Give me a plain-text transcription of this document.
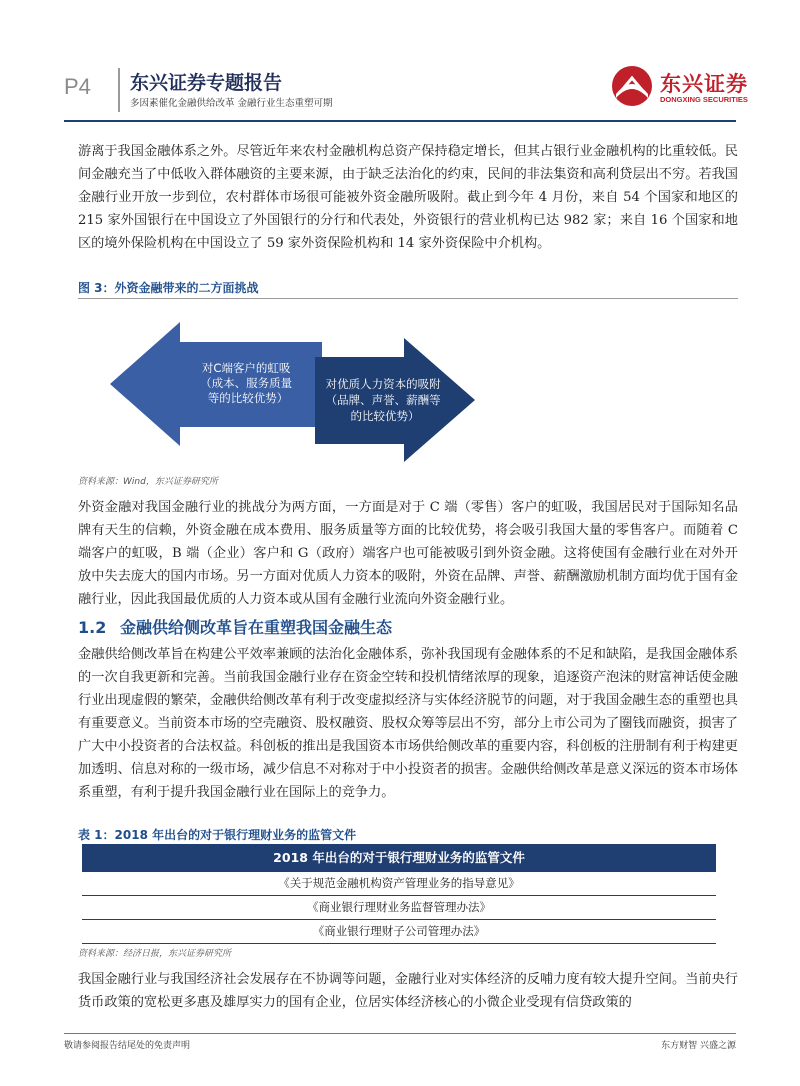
P4 东兴证券专题报告
多因素催化金融供给改革 金融行业生态重塑可期
东兴证券
DONGXING SECURITIES

游离于我国金融体系之外。尽管近年来农村金融机构总资产保持稳定增长，但其占银行业金融机构的比重较低。民间金融充当了中低收入群体融资的主要来源，由于缺乏法治化的约束，民间的非法集资和高利贷层出不穷。若我国金融行业开放一步到位，农村群体市场很可能被外资金融所吸附。截止到今年 4 月份，来自 54 个国家和地区的 215 家外国银行在中国设立了外国银行的分行和代表处，外资银行的营业机构已达 982 家；来自 16 个国家和地区的境外保险机构在中国设立了 59 家外资保险机构和 14 家外资保险中介机构。

图 3：外资金融带来的二方面挑战
对C端客户的虹吸 （成本、服务质量 等的比较优势）
对优质人力资本的吸附 （品牌、声誉、薪酬等 的比较优势）
资料来源：Wind，东兴证券研究所

外资金融对我国金融行业的挑战分为两方面，一方面是对于 C 端（零售）客户的虹吸，我国居民对于国际知名品牌有天生的信赖，外资金融在成本费用、服务质量等方面的比较优势，将会吸引我国大量的零售客户。而随着 C 端客户的虹吸，B 端（企业）客户和 G（政府）端客户也可能被吸引到外资金融。这将使国有金融行业在对外开放中失去庞大的国内市场。另一方面对优质人力资本的吸附，外资在品牌、声誉、薪酬激励机制方面均优于国有金融行业，因此我国最优质的人力资本或从国有金融行业流向外资金融行业。

1.2 金融供给侧改革旨在重塑我国金融生态

金融供给侧改革旨在构建公平效率兼顾的法治化金融体系，弥补我国现有金融体系的不足和缺陷，是我国金融体系的一次自我更新和完善。当前我国金融行业存在资金空转和投机情绪浓厚的现象，追逐资产泡沫的财富神话使金融行业出现虚假的繁荣，金融供给侧改革有利于改变虚拟经济与实体经济脱节的问题，对于我国金融生态的重塑也具有重要意义。当前资本市场的空壳融资、股权融资、股权众筹等层出不穷，部分上市公司为了圈钱而融资，损害了广大中小投资者的合法权益。科创板的推出是我国资本市场供给侧改革的重要内容，科创板的注册制有利于构建更加透明、信息对称的一级市场，减少信息不对称对于中小投资者的损害。金融供给侧改革是意义深远的资本市场体系重塑，有利于提升我国金融行业在国际上的竞争力。

表 1：2018 年出台的对于银行理财业务的监管文件
2018 年出台的对于银行理财业务的监管文件
《关于规范金融机构资产管理业务的指导意见》
《商业银行理财业务监督管理办法》
《商业银行理财子公司管理办法》
资料来源：经济日报，东兴证券研究所

我国金融行业与我国经济社会发展存在不协调等问题，金融行业对实体经济的反哺力度有较大提升空间。当前央行货币政策的宽松更多惠及雄厚实力的国有企业，位居实体经济核心的小微企业受现有信贷政策的

敬请参阅报告结尾处的免责声明	东方财智 兴盛之源
